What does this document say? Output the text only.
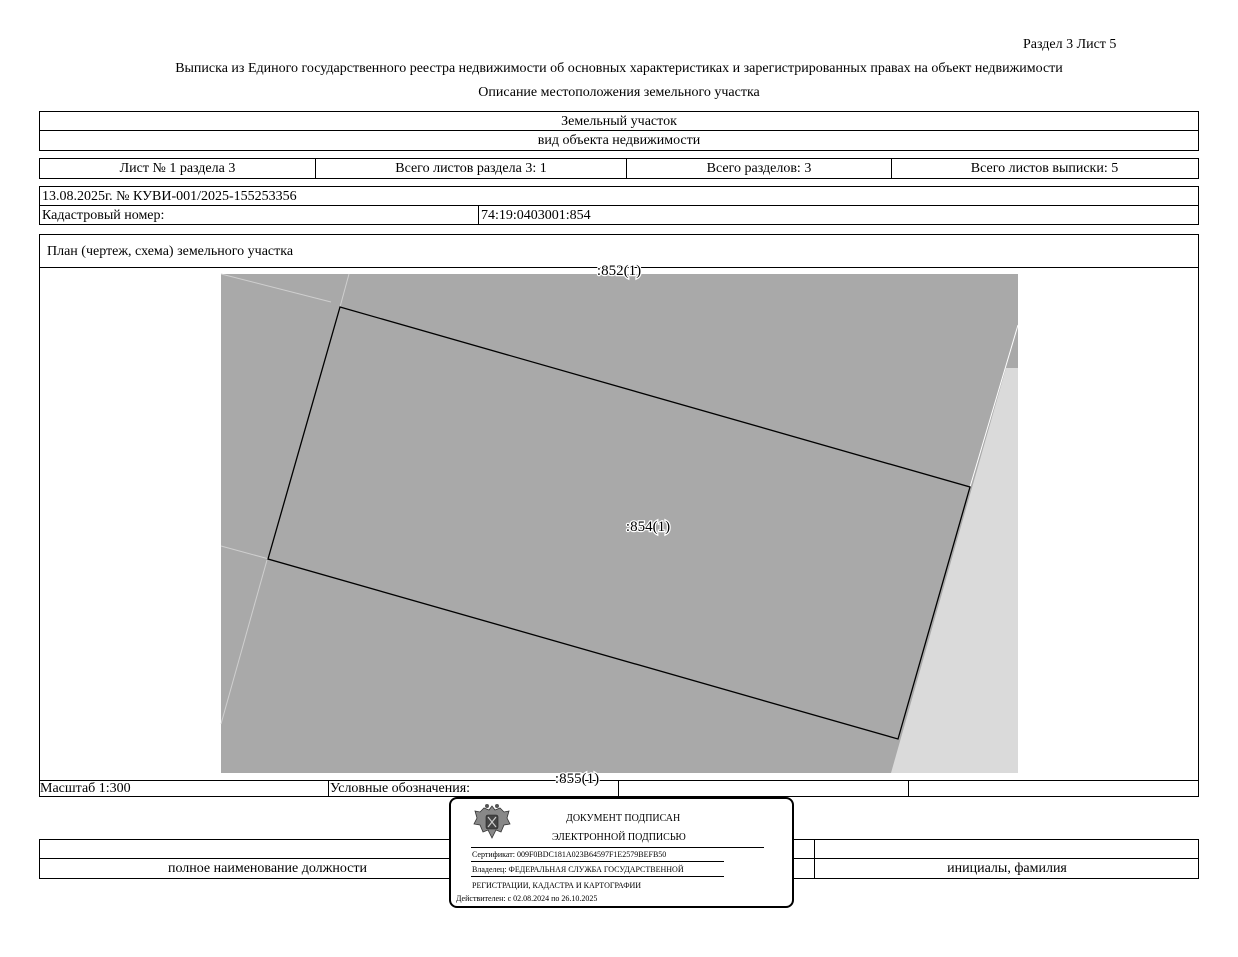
Раздел 3 Лист 5
Выписка из Единого государственного реестра недвижимости об основных характеристиках и зарегистрированных правах на объект недвижимости
Описание местоположения земельного участка
Земельный участок
вид объекта недвижимости
Лист № 1 раздела 3	Всего листов раздела 3: 1	Всего разделов: 3	Всего листов выписки: 5
13.08.2025г. № КУВИ-001/2025-155253356
Кадастровый номер:	74:19:0403001:854
План (чертеж, схема) земельного участка
Масштаб 1:300	Условные обозначения:
:852(1)
:854(1)
:855(1)
полное наименование должности	инициалы, фамилия
ДОКУМЕНТ ПОДПИСАН
ЭЛЕКТРОННОЙ ПОДПИСЬЮ
Сертификат: 009F0BDC181A023B64597F1E2579BEFB50
Владелец: ФЕДЕРАЛЬНАЯ СЛУЖБА ГОСУДАРСТВЕННОЙ
РЕГИСТРАЦИИ, КАДАСТРА И КАРТОГРАФИИ
Действителен: с 02.08.2024 по 26.10.2025
